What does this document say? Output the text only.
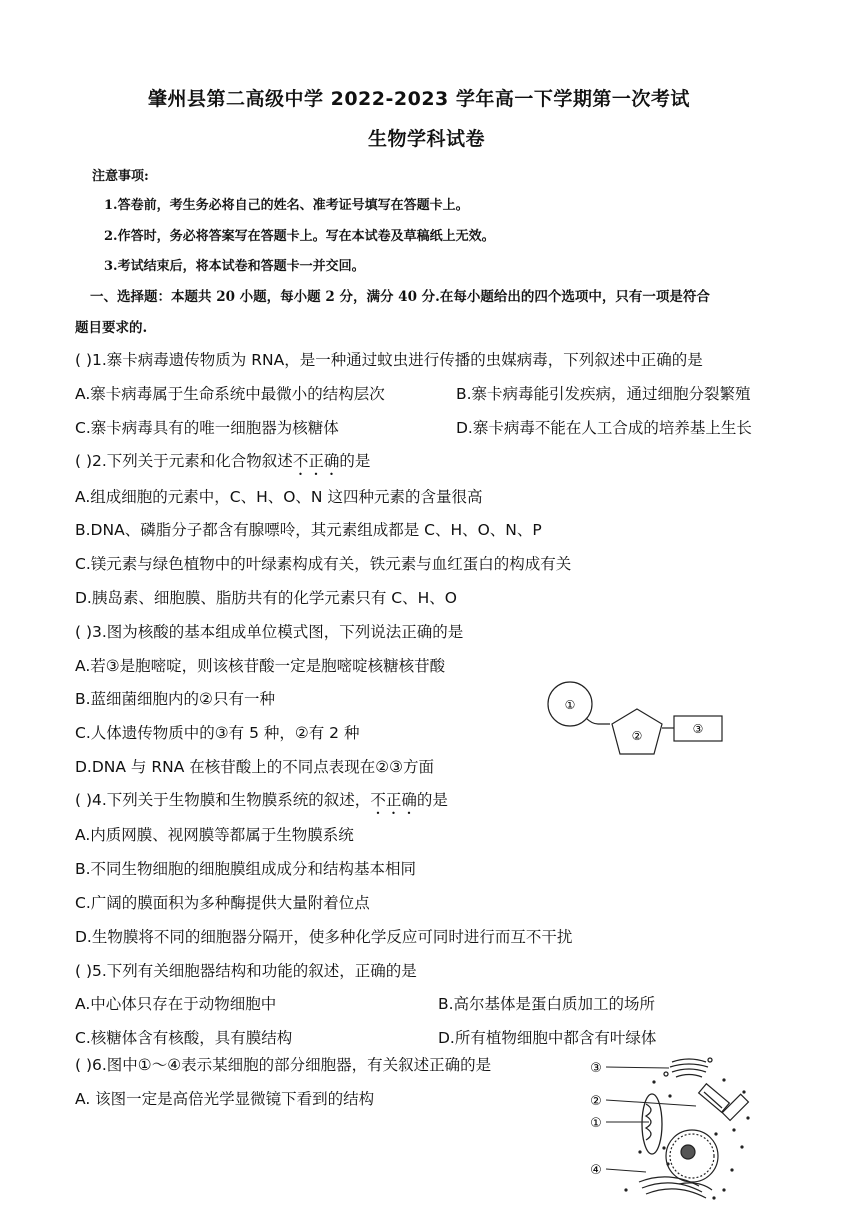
肇州县第二高级中学 2022-2023 学年高一下学期第一次考试
生物学科试卷
注意事项:
1.答卷前，考生务必将自己的姓名、准考证号填写在答题卡上。
2.作答时，务必将答案写在答题卡上。写在本试卷及草稿纸上无效。
3.考试结束后，将本试卷和答题卡一并交回。
一、选择题：本题共 20 小题，每小题 2 分，满分 40 分.在每小题给出的四个选项中，只有一项是符合
题目要求的.
( )1.寨卡病毒遗传物质为 RNA，是一种通过蚊虫进行传播的虫媒病毒，下列叙述中正确的是
A.寨卡病毒属于生命系统中最微小的结构层次	B.寨卡病毒能引发疾病，通过细胞分裂繁殖
C.寨卡病毒具有的唯一细胞器为核糖体	D.寨卡病毒不能在人工合成的培养基上生长
( )2.下列关于元素和化合物叙述不正确的是
A.组成细胞的元素中，C、H、O、N 这四种元素的含量很高
B.DNA、磷脂分子都含有腺嘌呤，其元素组成都是 C、H、O、N、P
C.镁元素与绿色植物中的叶绿素构成有关，铁元素与血红蛋白的构成有关
D.胰岛素、细胞膜、脂肪共有的化学元素只有 C、H、O
( )3.图为核酸的基本组成单位模式图，下列说法正确的是
A.若③是胞嘧啶，则该核苷酸一定是胞嘧啶核糖核苷酸
B.蓝细菌细胞内的②只有一种
C.人体遗传物质中的③有 5 种，②有 2 种
D.DNA 与 RNA 在核苷酸上的不同点表现在②③方面
①
②	③
( )4.下列关于生物膜和生物膜系统的叙述，不正确的是
A.内质网膜、视网膜等都属于生物膜系统
B.不同生物细胞的细胞膜组成成分和结构基本相同
C.广阔的膜面积为多种酶提供大量附着位点
D.生物膜将不同的细胞器分隔开，使多种化学反应可同时进行而互不干扰
( )5.下列有关细胞器结构和功能的叙述，正确的是
A.中心体只存在于动物细胞中	B.高尔基体是蛋白质加工的场所
C.核糖体含有核酸，具有膜结构	D.所有植物细胞中都含有叶绿体
( )6.图中①～④表示某细胞的部分细胞器，有关叙述正确的是
A. 该图一定是高倍光学显微镜下看到的结构
③
②
①
④
